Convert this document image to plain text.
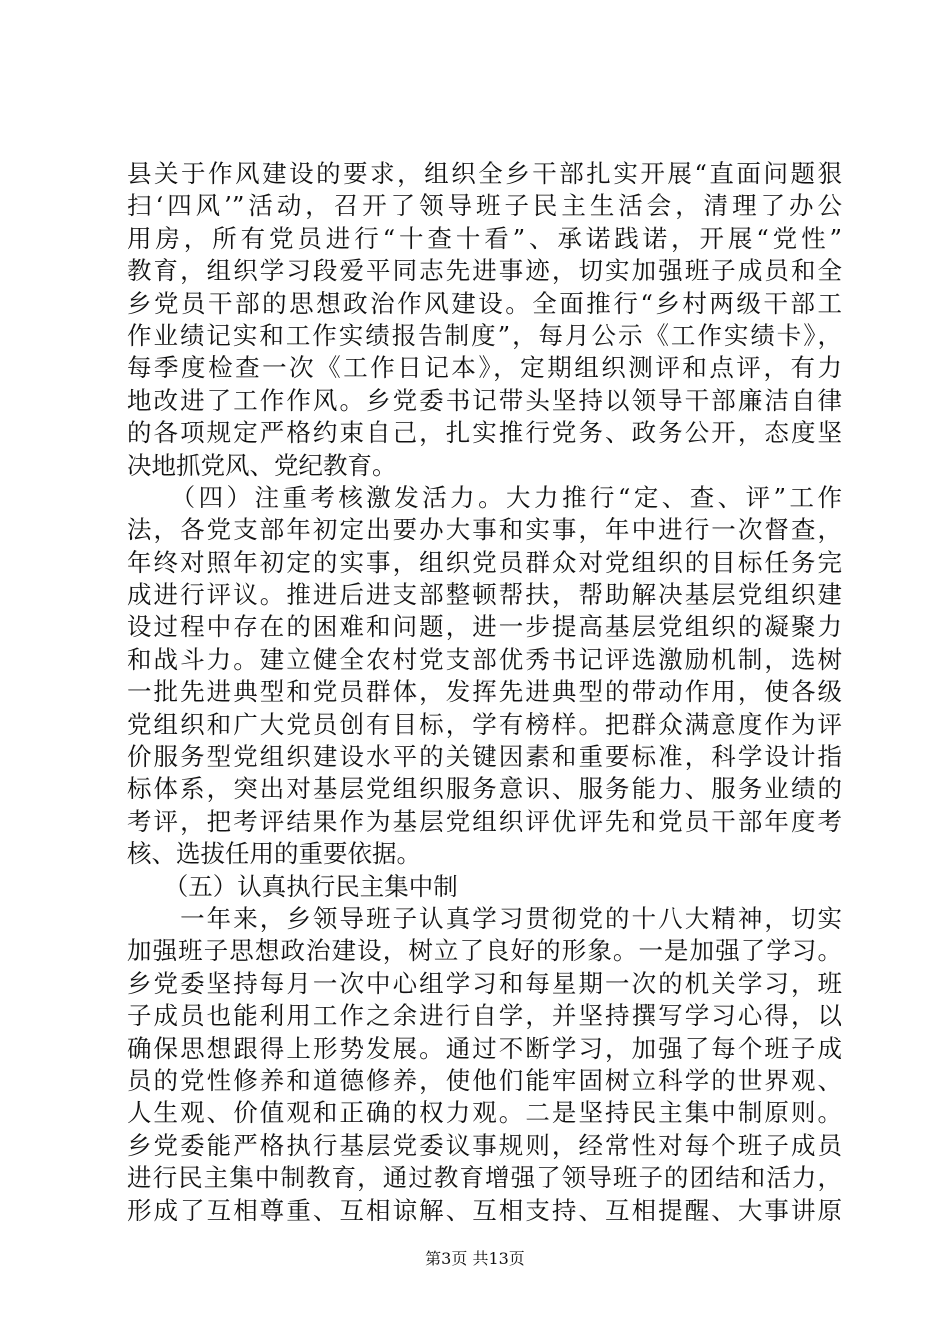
县关于作风建设的要求，组织全乡干部扎实开展“直面问题狠
扫‘四风’”活动，召开了领导班子民主生活会，清理了办公
用房，所有党员进行“十查十看”、承诺践诺，开展“党性”
教育，组织学习段爱平同志先进事迹，切实加强班子成员和全
乡党员干部的思想政治作风建设。全面推行“乡村两级干部工
作业绩记实和工作实绩报告制度”，每月公示《工作实绩卡》，
每季度检查一次《工作日记本》，定期组织测评和点评，有力
地改进了工作作风。乡党委书记带头坚持以领导干部廉洁自律
的各项规定严格约束自己，扎实推行党务、政务公开，态度坚
决地抓党风、党纪教育。
　　（四）注重考核激发活力。大力推行“定、查、评”工作
法，各党支部年初定出要办大事和实事，年中进行一次督查，
年终对照年初定的实事，组织党员群众对党组织的目标任务完
成进行评议。推进后进支部整顿帮扶，帮助解决基层党组织建
设过程中存在的困难和问题，进一步提高基层党组织的凝聚力
和战斗力。建立健全农村党支部优秀书记评选激励机制，选树
一批先进典型和党员群体，发挥先进典型的带动作用，使各级
党组织和广大党员创有目标，学有榜样。把群众满意度作为评
价服务型党组织建设水平的关键因素和重要标准，科学设计指
标体系，突出对基层党组织服务意识、服务能力、服务业绩的
考评，把考评结果作为基层党组织评优评先和党员干部年度考
核、选拔任用的重要依据。
　　（五）认真执行民主集中制
　　一年来，乡领导班子认真学习贯彻党的十八大精神，切实
加强班子思想政治建设，树立了良好的形象。一是加强了学习。
乡党委坚持每月一次中心组学习和每星期一次的机关学习，班
子成员也能利用工作之余进行自学，并坚持撰写学习心得，以
确保思想跟得上形势发展。通过不断学习，加强了每个班子成
员的党性修养和道德修养，使他们能牢固树立科学的世界观、
人生观、价值观和正确的权力观。二是坚持民主集中制原则。
乡党委能严格执行基层党委议事规则，经常性对每个班子成员
进行民主集中制教育，通过教育增强了领导班子的团结和活力，
形成了互相尊重、互相谅解、互相支持、互相提醒、大事讲原
第3页 共13页
